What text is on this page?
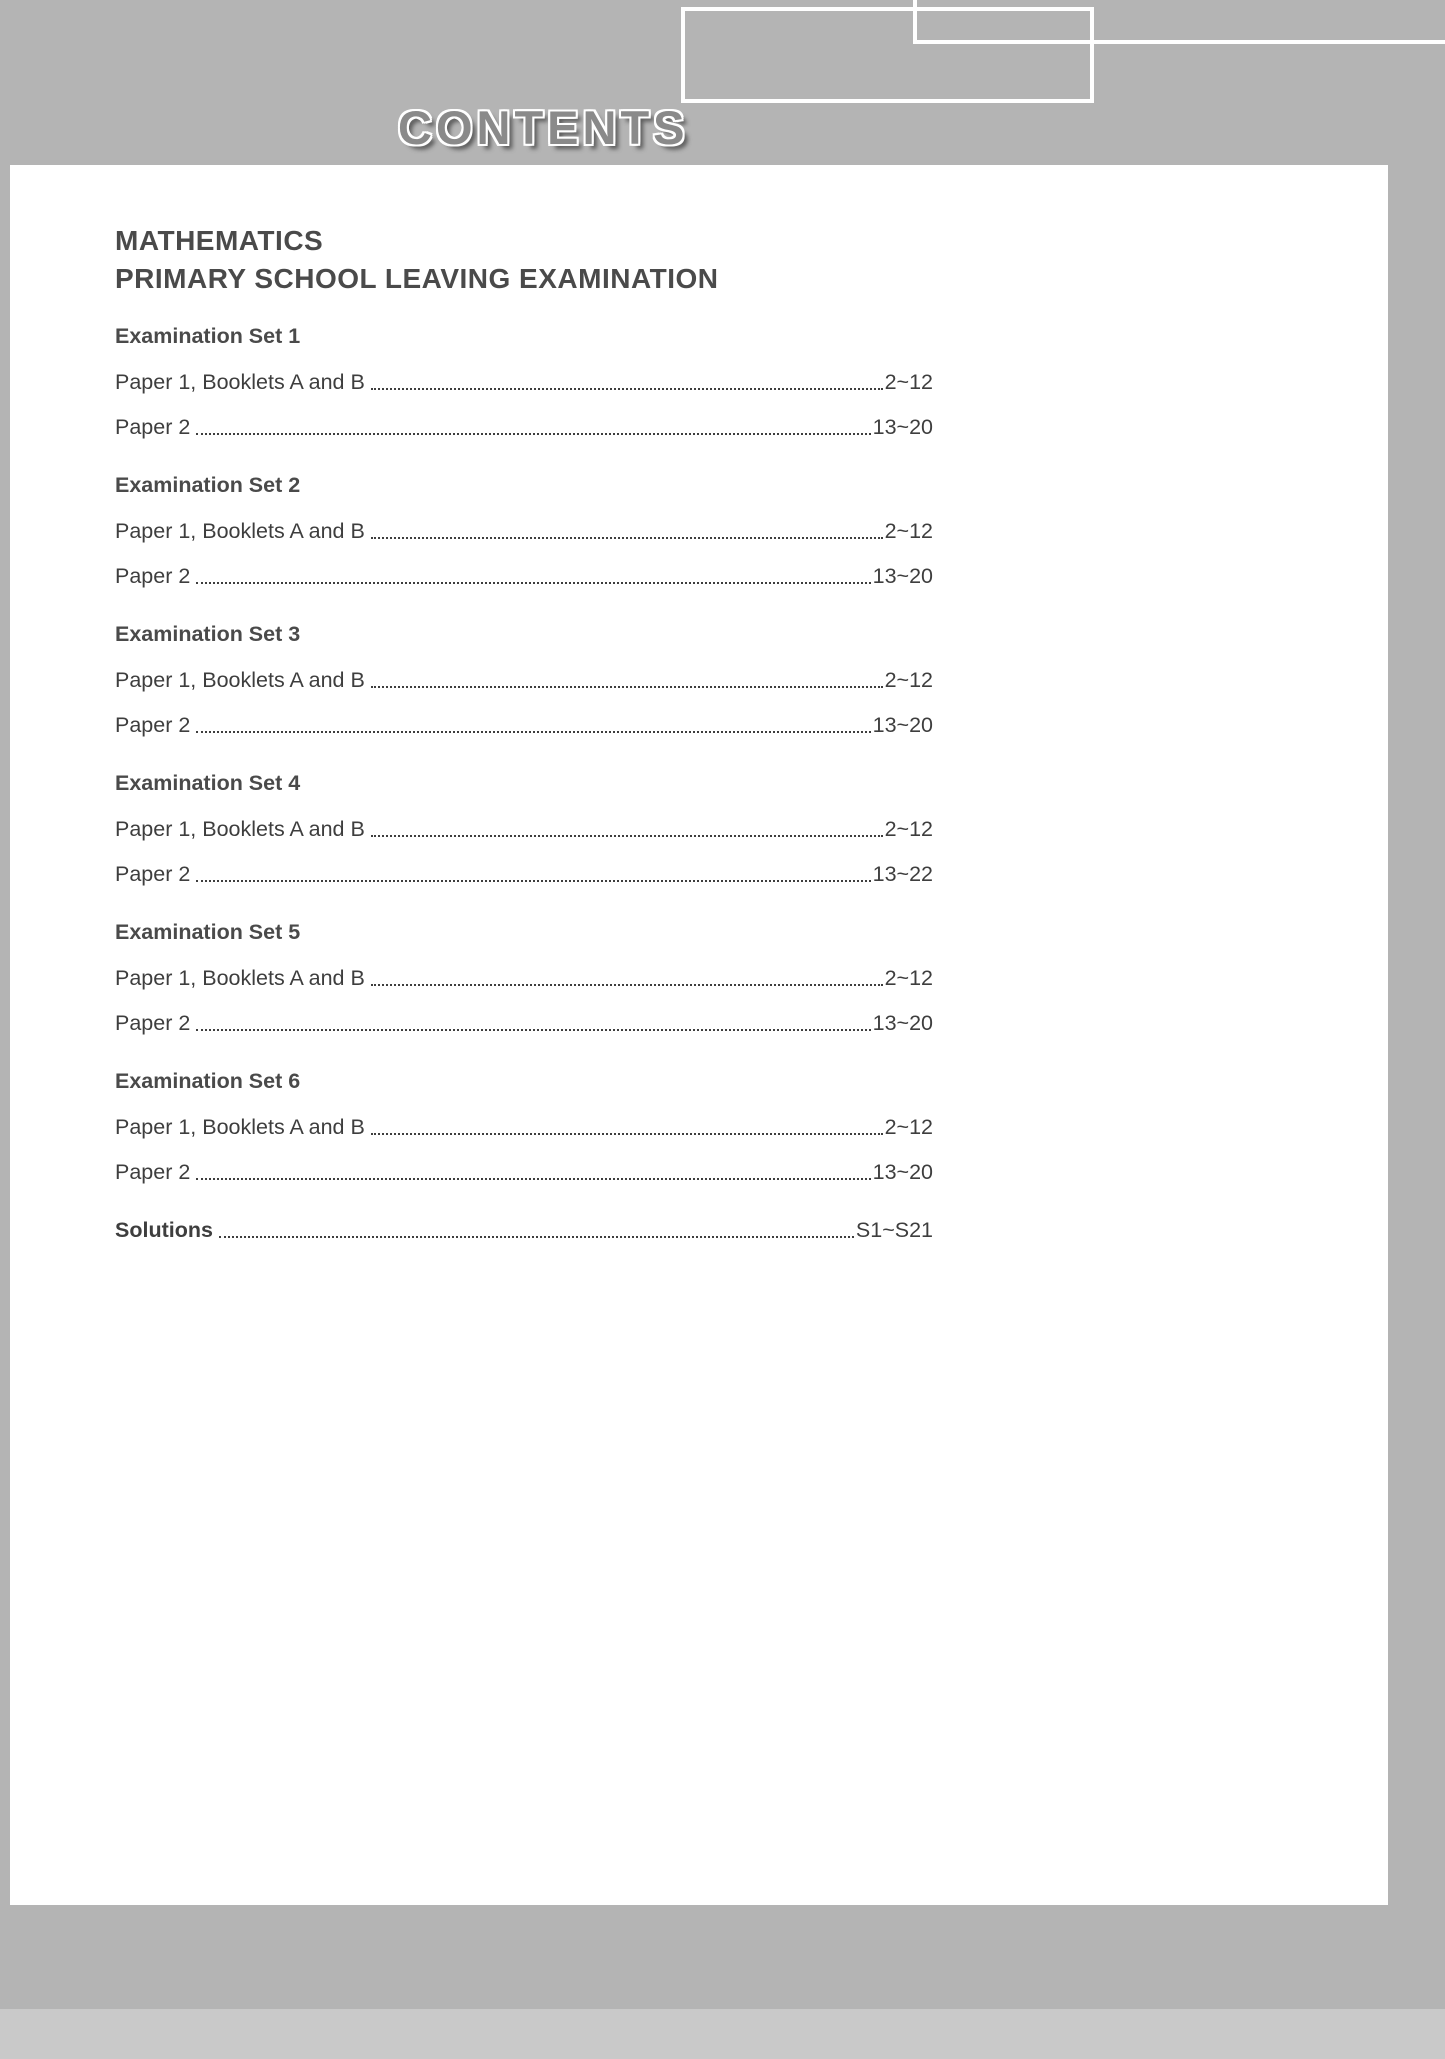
CONTENTS
MATHEMATICS
PRIMARY SCHOOL LEAVING EXAMINATION
Examination Set 1
Paper 1, Booklets A and B	2~12
Paper 2	13~20
Examination Set 2
Paper 1, Booklets A and B	2~12
Paper 2	13~20
Examination Set 3
Paper 1, Booklets A and B	2~12
Paper 2	13~20
Examination Set 4
Paper 1, Booklets A and B	2~12
Paper 2	13~22
Examination Set 5
Paper 1, Booklets A and B	2~12
Paper 2	13~20
Examination Set 6
Paper 1, Booklets A and B	2~12
Paper 2	13~20
Solutions	S1~S21
